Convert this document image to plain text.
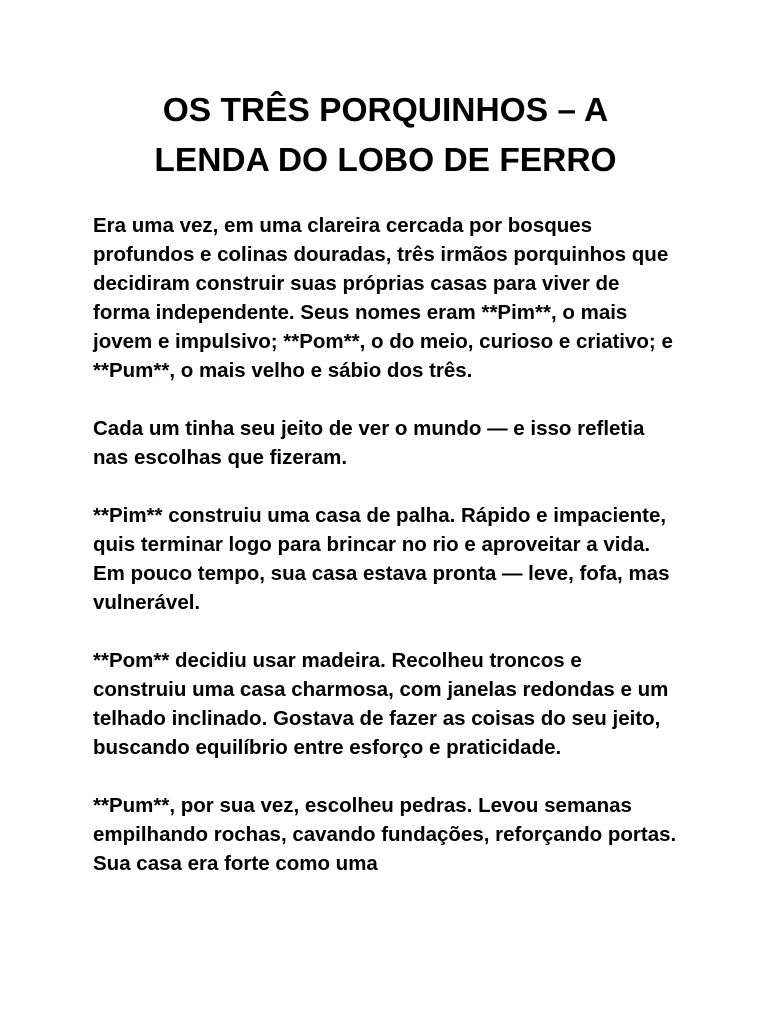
OS TRÊS PORQUINHOS – A
LENDA DO LOBO DE FERRO

Era uma vez, em uma clareira cercada por bosques profundos e colinas douradas, três irmãos porquinhos que decidiram construir suas próprias casas para viver de forma independente. Seus nomes eram **Pim**, o mais jovem e impulsivo; **Pom**, o do meio, curioso e criativo; e **Pum**, o mais velho e sábio dos três.

Cada um tinha seu jeito de ver o mundo — e isso refletia nas escolhas que fizeram.

**Pim** construiu uma casa de palha. Rápido e impaciente, quis terminar logo para brincar no rio e aproveitar a vida. Em pouco tempo, sua casa estava pronta — leve, fofa, mas vulnerável.

**Pom** decidiu usar madeira. Recolheu troncos e construiu uma casa charmosa, com janelas redondas e um telhado inclinado. Gostava de fazer as coisas do seu jeito, buscando equilíbrio entre esforço e praticidade.

**Pum**, por sua vez, escolheu pedras. Levou semanas empilhando rochas, cavando fundações, reforçando portas. Sua casa era forte como uma
